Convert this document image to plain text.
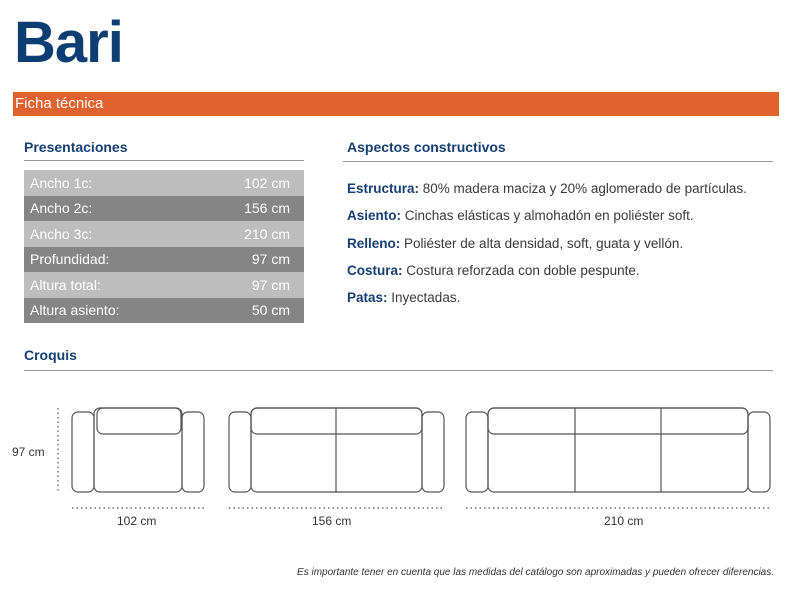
Bari
Ficha técnica
Presentaciones
Ancho 1c:	102 cm
Ancho 2c:	156 cm
Ancho 3c:	210 cm
Profundidad:	97 cm
Altura total:	97 cm
Altura asiento:	50 cm
Aspectos constructivos
Estructura: 80% madera maciza y 20% aglomerado de partículas.
Asiento: Cinchas elásticas y almohadón en poliéster soft.
Relleno: Poliéster de alta densidad, soft, guata y vellón.
Costura: Costura reforzada con doble pespunte.
Patas: Inyectadas.
Croquis
97 cm
102 cm	156 cm	210 cm
Es importante tener en cuenta que las medidas del catálogo son aproximadas y pueden ofrecer diferencias.
